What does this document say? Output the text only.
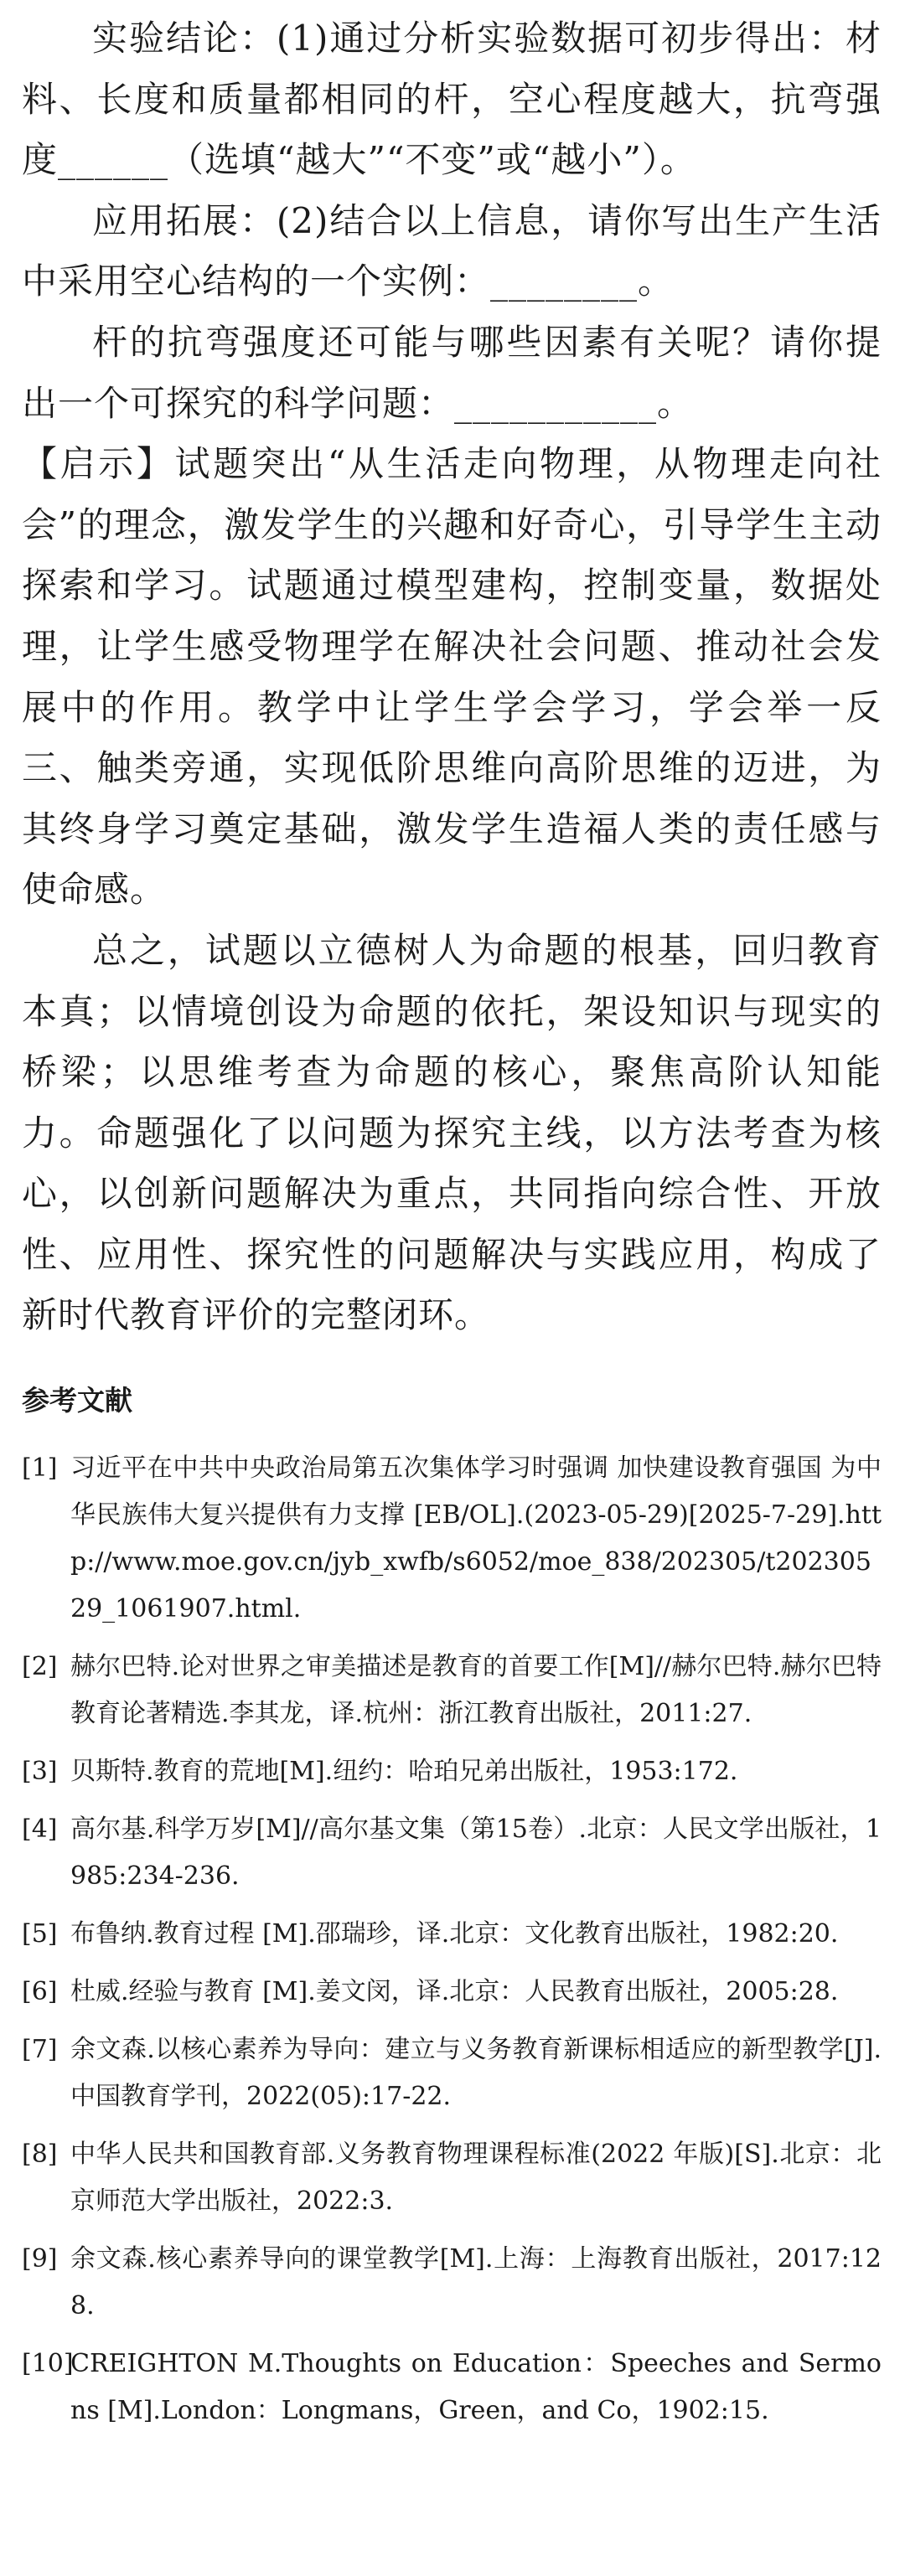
实验结论：(1)通过分析实验数据可初步得出：材料、长度和质量都相同的杆，空心程度越大，抗弯强度______（选填“越大”“不变”或“越小”）。

应用拓展：(2)结合以上信息，请你写出生产生活中采用空心结构的一个实例：________。

杆的抗弯强度还可能与哪些因素有关呢？请你提出一个可探究的科学问题：___________。

【启示】试题突出“从生活走向物理，从物理走向社会”的理念，激发学生的兴趣和好奇心，引导学生主动探索和学习。试题通过模型建构，控制变量，数据处理，让学生感受物理学在解决社会问题、推动社会发展中的作用。教学中让学生学会学习，学会举一反三、触类旁通，实现低阶思维向高阶思维的迈进，为其终身学习奠定基础，激发学生造福人类的责任感与使命感。

总之，试题以立德树人为命题的根基，回归教育本真；以情境创设为命题的依托，架设知识与现实的桥梁；以思维考查为命题的核心，聚焦高阶认知能力。命题强化了以问题为探究主线，以方法考查为核心，以创新问题解决为重点，共同指向综合性、开放性、应用性、探究性的问题解决与实践应用，构成了新时代教育评价的完整闭环。

参考文献
[1] 习近平在中共中央政治局第五次集体学习时强调 加快建设教育强国 为中华民族伟大复兴提供有力支撑 [EB/OL].(2023-05-29)[2025-7-29].http://www.moe.gov.cn/jyb_xwfb/s6052/moe_838/202305/t20230529_1061907.html.
[2] 赫尔巴特.论对世界之审美描述是教育的首要工作[M]//赫尔巴特.赫尔巴特教育论著精选.李其龙，译.杭州：浙江教育出版社，2011:27.
[3] 贝斯特.教育的荒地[M].纽约：哈珀兄弟出版社，1953:172.
[4] 高尔基.科学万岁[M]//高尔基文集（第15卷）.北京：人民文学出版社，1985:234-236.
[5] 布鲁纳.教育过程 [M].邵瑞珍，译.北京：文化教育出版社，1982:20.
[6] 杜威.经验与教育 [M].姜文闵，译.北京：人民教育出版社，2005:28.
[7] 余文森.以核心素养为导向：建立与义务教育新课标相适应的新型教学[J].中国教育学刊，2022(05):17-22.
[8] 中华人民共和国教育部.义务教育物理课程标准(2022 年版)[S].北京：北京师范大学出版社，2022:3.
[9] 余文森.核心素养导向的课堂教学[M].上海：上海教育出版社，2017:128.
[10]
CREIGHTON M.Thoughts on Education：Speeches and Sermons [M].London：Longmans，Green，and Co，1902:15.
